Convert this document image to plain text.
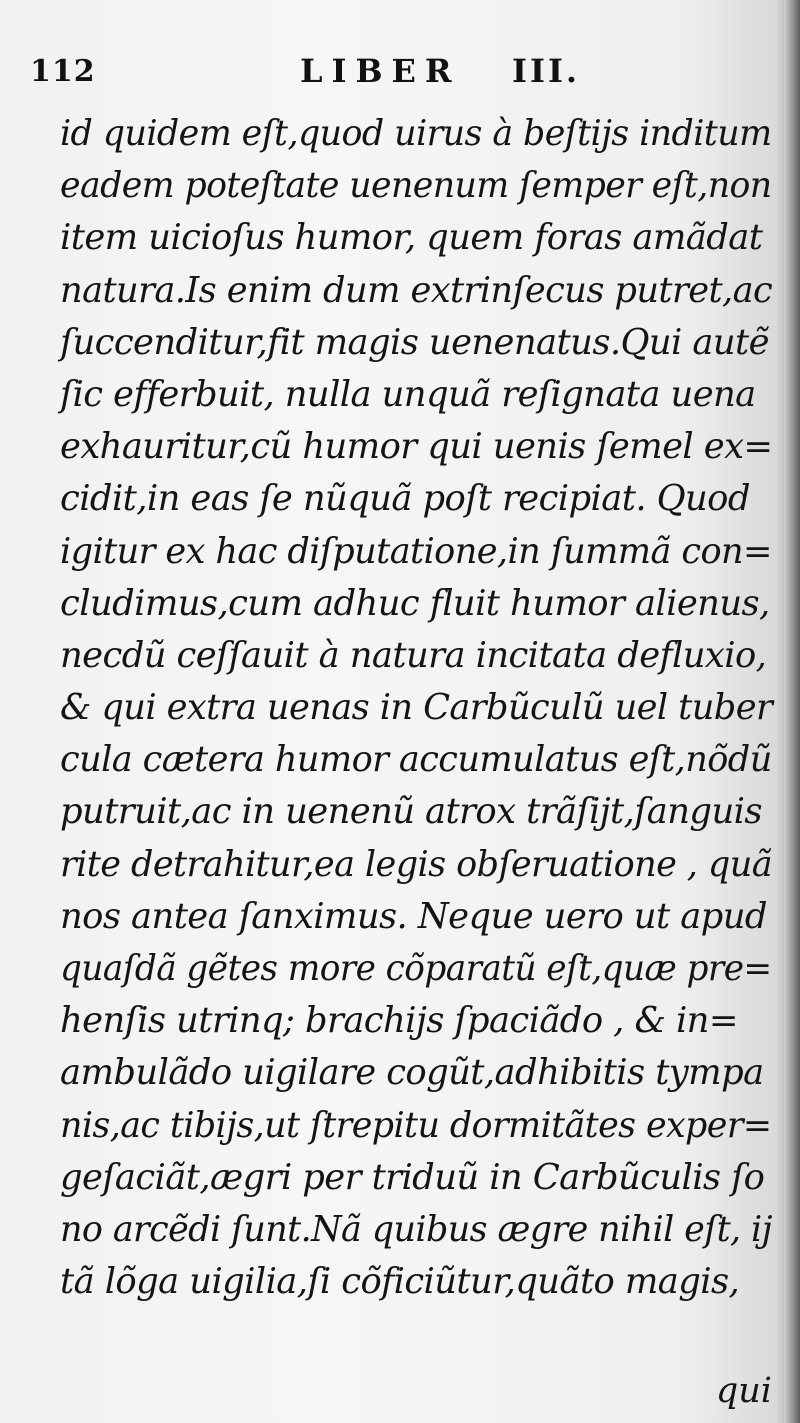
112	LIBER III.
id quidem eſt,quod uirus à beſtijs inditum
eadem poteſtate uenenum ſemper eſt,non
item uicioſus humor, quem foras amãdat
natura.Is enim dum extrinſecus putret,ac
ſuccenditur,fit magis uenenatus.Qui autẽ
ſic efferbuit, nulla unquã reſignata uena
exhauritur,cũ humor qui uenis ſemel ex=
cidit,in eas ſe nũquã poſt recipiat. Quod
igitur ex hac diſputatione,in ſummã con=
cludimus,cum adhuc fluit humor alienus,
necdũ ceſſauit à natura incitata defluxio,
& qui extra uenas in Carbũculũ uel tuber
cula cætera humor accumulatus eſt,nõdũ
putruit,ac in uenenũ atrox trãſijt,ſanguis
rite detrahitur,ea legis obſeruatione , quã
nos antea ſanximus. Neque uero ut apud
quaſdã gẽtes more cõparatũ eſt,quæ pre=
henſis utrinq; brachijs ſpaciãdo , & in=
ambulãdo uigilare cogũt,adhibitis tympa
nis,ac tibijs,ut ſtrepitu dormitãtes exper=
geſaciãt,ægri per triduũ in Carbũculis ſo
no arcẽdi ſunt.Nã quibus ægre nihil eſt, ij
tã lõga uigilia,ſi cõficiũtur,quãto magis,
qui
